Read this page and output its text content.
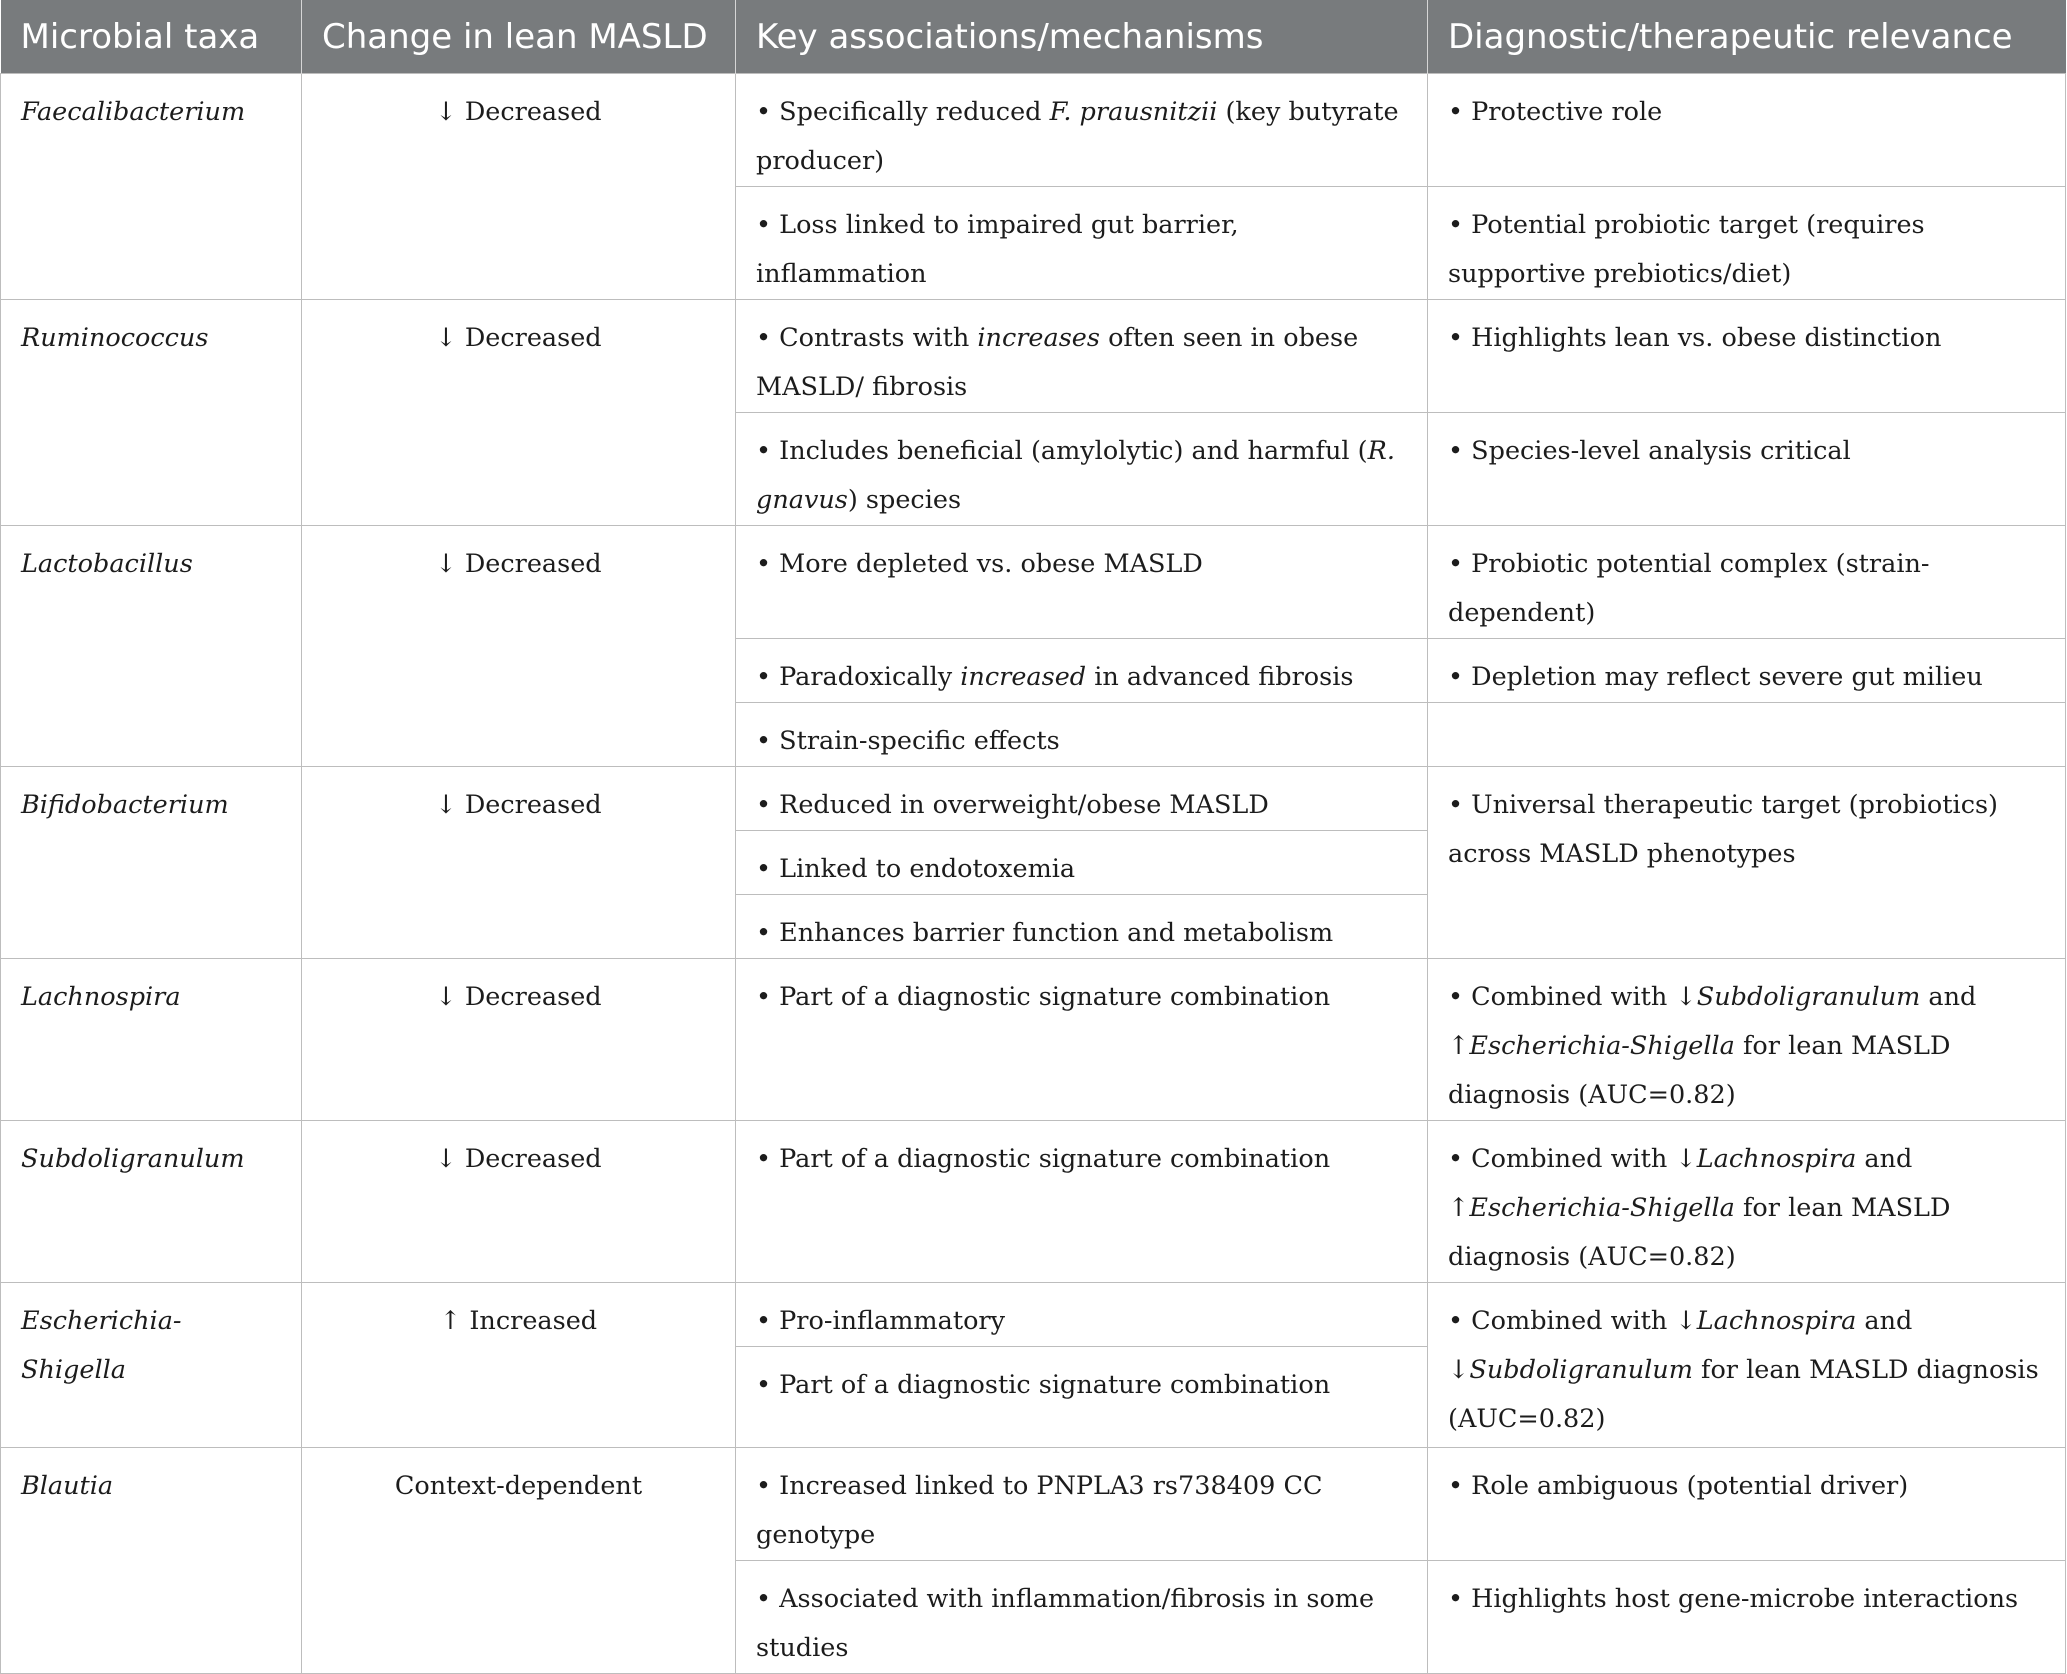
Microbial taxa	Change in lean MASLD	Key associations/mechanisms	Diagnostic/therapeutic relevance
Faecalibacterium	↓ Decreased	• Specifically reduced F. prausnitzii (key butyrate producer)	• Protective role
		• Loss linked to impaired gut barrier, inflammation	• Potential probiotic target (requires supportive prebiotics/diet)
Ruminococcus	↓ Decreased	• Contrasts with increases often seen in obese MASLD/ fibrosis	• Highlights lean vs. obese distinction
		• Includes beneficial (amylolytic) and harmful (R. gnavus) species	• Species-level analysis critical
Lactobacillus	↓ Decreased	• More depleted vs. obese MASLD	• Probiotic potential complex (strain-dependent)
		• Paradoxically increased in advanced fibrosis	• Depletion may reflect severe gut milieu
		• Strain-specific effects	
Bifidobacterium	↓ Decreased	• Reduced in overweight/obese MASLD	• Universal therapeutic target (probiotics) across MASLD phenotypes
		• Linked to endotoxemia	
		• Enhances barrier function and metabolism	
Lachnospira	↓ Decreased	• Part of a diagnostic signature combination	• Combined with ↓Subdoligranulum and ↑Escherichia-Shigella for lean MASLD diagnosis (AUC=0.82)
Subdoligranulum	↓ Decreased	• Part of a diagnostic signature combination	• Combined with ↓Lachnospira and ↑Escherichia-Shigella for lean MASLD diagnosis (AUC=0.82)
Escherichia-Shigella	↑ Increased	• Pro-inflammatory	• Combined with ↓Lachnospira and ↓Subdoligranulum for lean MASLD diagnosis (AUC=0.82)
		• Part of a diagnostic signature combination	
Blautia	Context-dependent	• Increased linked to PNPLA3 rs738409 CC genotype	• Role ambiguous (potential driver)
		• Associated with inflammation/fibrosis in some studies	• Highlights host gene-microbe interactions
